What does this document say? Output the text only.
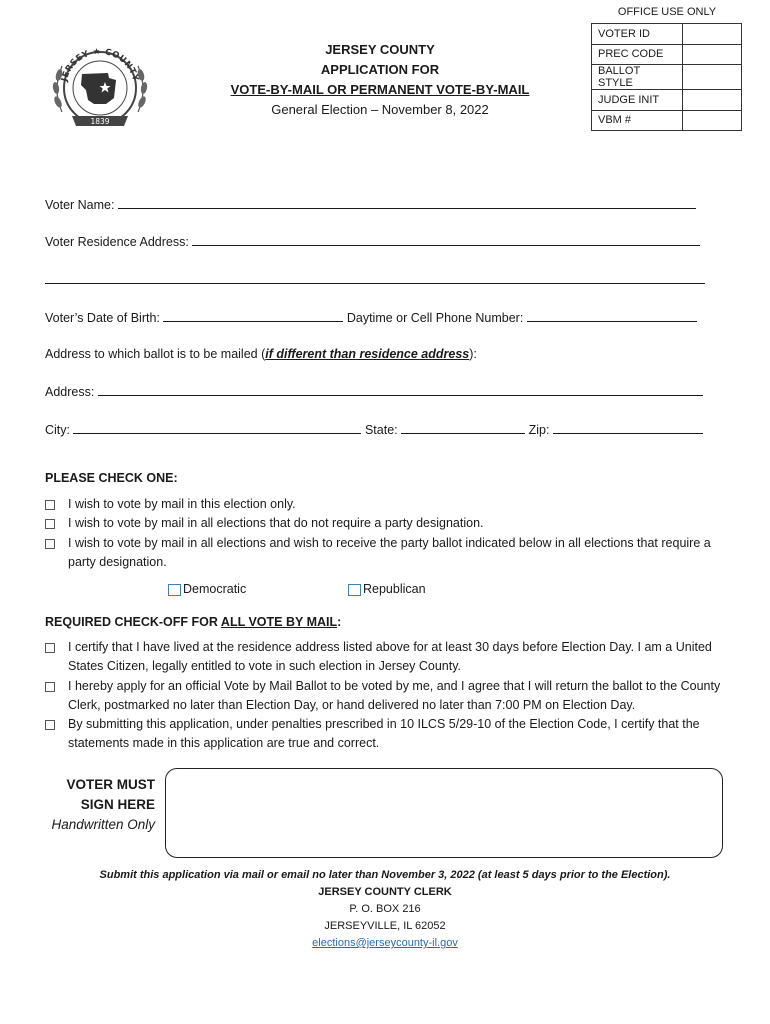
OFFICE USE ONLY
VOTER ID	
PREC CODE	
BALLOT STYLE	
JUDGE INIT	
VBM #	
JERSEY ★ COUNTY
1839
JERSEY COUNTY
APPLICATION FOR
VOTE-BY-MAIL OR PERMANENT VOTE-BY-MAIL
General Election – November 8, 2022
Voter Name:
Voter Residence Address:
Voter’s Date of Birth:	Daytime or Cell Phone Number:
Address to which ballot is to be mailed (if different than residence address):
Address:
City:	State:	Zip:
PLEASE CHECK ONE:
I wish to vote by mail in this election only.
I wish to vote by mail in all elections that do not require a party designation.
I wish to vote by mail in all elections and wish to receive the party ballot indicated below in all elections that require a party designation.
Democratic	Republican
REQUIRED CHECK-OFF FOR ALL VOTE BY MAIL:
I certify that I have lived at the residence address listed above for at least 30 days before Election Day. I am a United States Citizen, legally entitled to vote in such election in Jersey County.
I hereby apply for an official Vote by Mail Ballot to be voted by me, and I agree that I will return the ballot to the County Clerk, postmarked no later than Election Day, or hand delivered no later than 7:00 PM on Election Day.
By submitting this application, under penalties prescribed in 10 ILCS 5/29-10 of the Election Code, I certify that the statements made in this application are true and correct.
VOTER MUST
SIGN HERE
Handwritten Only
Submit this application via mail or email no later than November 3, 2022 (at least 5 days prior to the Election).
JERSEY COUNTY CLERK
P. O. BOX 216
JERSEYVILLE, IL 62052
elections@jerseycounty-il.gov
